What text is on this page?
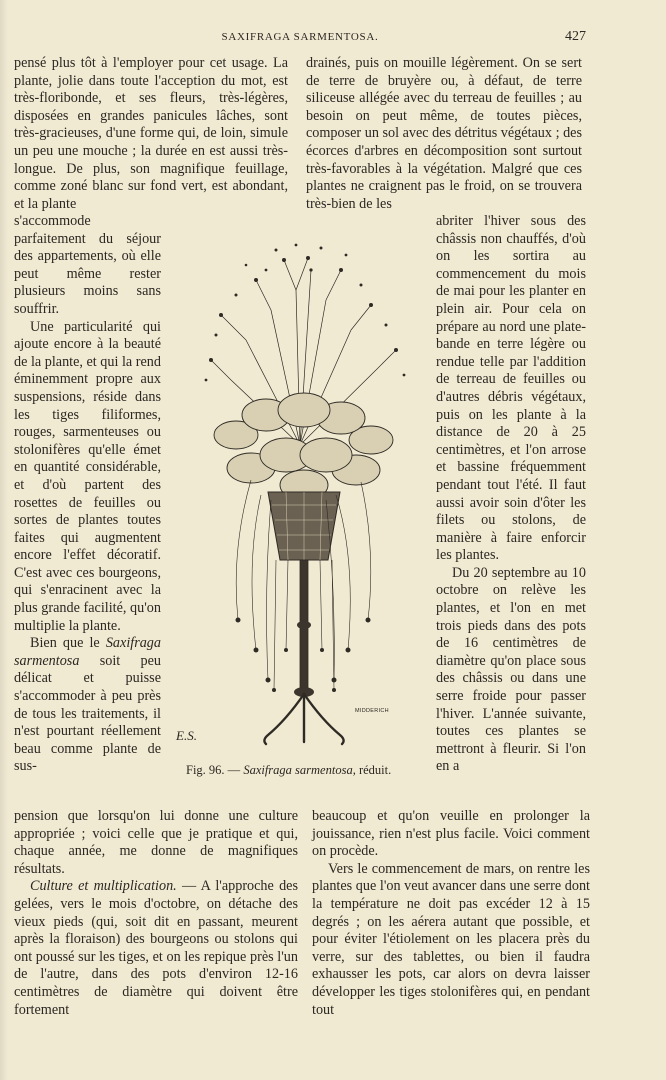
SAXIFRAGA SARMENTOSA.	427

pensé plus tôt à l'employer pour cet usage. La plante, jolie dans toute l'acception du mot, est très-floribonde, et ses fleurs, très-légères, disposées en grandes panicules lâches, sont très-gracieuses, d'une forme qui, de loin, simule un peu une mouche ; la durée en est aussi très-longue. De plus, son magnifique feuillage, comme zoné blanc sur fond vert, est abondant, et la plante

s'accommode parfaitement du séjour des appartements, où elle peut même rester plusieurs moins sans souffrir.

Une particularité qui ajoute encore à la beauté de la plante, et qui la rend éminemment propre aux suspensions, réside dans les tiges filiformes, rouges, sarmenteuses ou stolonifères qu'elle émet en quantité considérable, et d'où partent des rosettes de feuilles ou sortes de plantes toutes faites qui augmentent encore l'effet décoratif. C'est avec ces bourgeons, qui s'enracinent avec la plus grande facilité, qu'on multiplie la plante.

Bien que le Saxifraga sarmentosa soit peu délicat et puisse s'accommoder à peu près de tous les traitements, il n'est pourtant réellement beau comme plante de sus-

pension que lorsqu'on lui donne une culture appropriée ; voici celle que je pratique et qui, chaque année, me donne de magnifiques résultats.

Culture et multiplication. — A l'approche des gelées, vers le mois d'octobre, on détache des vieux pieds (qui, soit dit en passant, meurent après la floraison) des bourgeons ou stolons qui ont poussé sur les tiges, et on les repique près l'un de l'autre, dans des pots d'environ 12-16 centimètres de diamètre qui doivent être fortement

drainés, puis on mouille légèrement. On se sert de terre de bruyère ou, à défaut, de terre siliceuse allégée avec du terreau de feuilles ; au besoin on peut même, de toutes pièces, composer un sol avec des détritus végétaux ; des écorces d'arbres en décomposition sont surtout très-favorables à la végétation. Malgré que ces plantes ne craignent pas le froid, on se trouvera très-bien de les

abriter l'hiver sous des châssis non chauffés, d'où on les sortira au commencement du mois de mai pour les planter en plein air. Pour cela on prépare au nord une plate-bande en terre légère ou rendue telle par l'addition de terreau de feuilles ou d'autres débris végétaux, puis on les plante à la distance de 20 à 25 centimètres, et l'on arrose et bassine fréquemment pendant tout l'été. Il faut aussi avoir soin d'ôter les filets ou stolons, de manière à faire enforcir les plantes.

Du 20 septembre au 10 octobre on relève les plantes, et l'on en met trois pieds dans des pots de 16 centimètres de diamètre qu'on place sous des châssis ou dans une serre froide pour passer l'hiver. L'année suivante, toutes ces plantes se mettront à fleurir. Si l'on en a

beaucoup et qu'on veuille en prolonger la jouissance, rien n'est plus facile. Voici comment on procède.

Vers le commencement de mars, on rentre les plantes que l'on veut avancer dans une serre dont la température ne doit pas excéder 12 à 15 degrés ; on les aérera autant que possible, et pour éviter l'étiolement on les placera près du verre, sur des tablettes, ou bien il faudra exhausser les pots, car alors on devra laisser développer les tiges stolonifères qui, en pendant tout

MIDDERICH
E.S.
Fig. 96. — Saxifraga sarmentosa, réduit.
